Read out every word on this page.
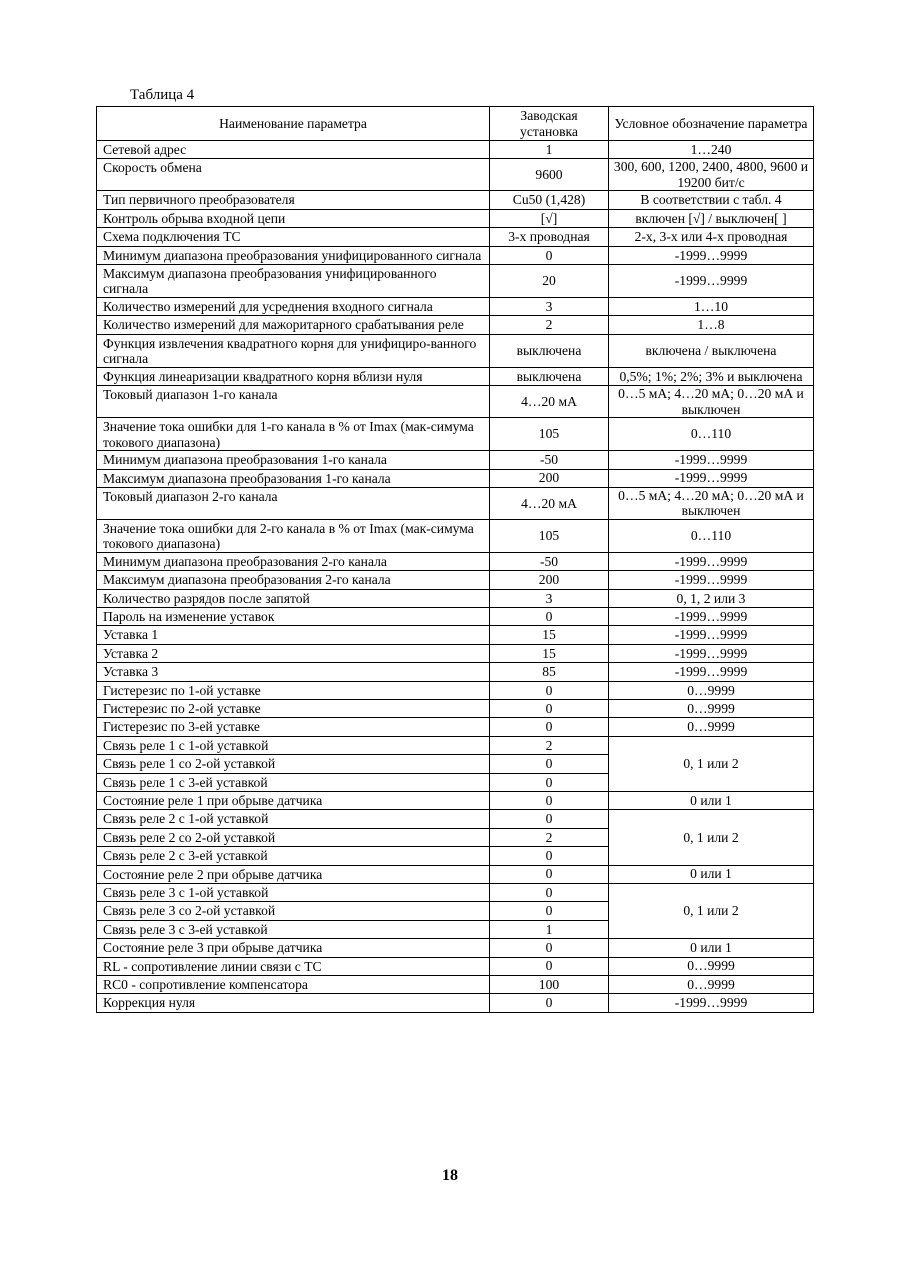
Таблица 4
Наименование параметра	Заводская установка	Условное обозначение параметра
Сетевой адрес	1	1…240
Скорость обмена	9600	300, 600, 1200, 2400, 4800, 9600 и 19200 бит/с
Тип первичного преобразователя	Cu50 (1,428)	В соответствии с табл. 4
Контроль обрыва входной цепи	[√]	включен [√] / выключен[ ]
Схема подключения ТС	3-х проводная	2-х, 3-х или 4-х проводная
Минимум диапазона преобразования унифицированного сигнала	0	-1999…9999
Максимум диапазона преобразования унифицированного сигнала	20	-1999…9999
Количество измерений для усреднения входного сигнала	3	1…10
Количество измерений для мажоритарного срабатывания реле	2	1…8
Функция извлечения квадратного корня для унифициро-ванного сигнала	выключена	включена / выключена
Функция линеаризации квадратного корня вблизи нуля	выключена	0,5%; 1%; 2%; 3% и выключена
Токовый диапазон 1-го канала	4…20 мА	0…5 мА; 4…20 мА; 0…20 мА и выключен
Значение тока ошибки для 1-го канала в % от Imax (мак-симума токового диапазона)	105	0…110
Минимум диапазона преобразования 1-го канала	-50	-1999…9999
Максимум диапазона преобразования 1-го канала	200	-1999…9999
Токовый диапазон 2-го канала	4…20 мА	0…5 мА; 4…20 мА; 0…20 мА и выключен
Значение тока ошибки для 2-го канала в % от Imax (мак-симума токового диапазона)	105	0…110
Минимум диапазона преобразования 2-го канала	-50	-1999…9999
Максимум диапазона преобразования 2-го канала	200	-1999…9999
Количество разрядов после запятой	3	0, 1, 2 или 3
Пароль на изменение уставок	0	-1999…9999
Уставка 1	15	-1999…9999
Уставка 2	15	-1999…9999
Уставка 3	85	-1999…9999
Гистерезис по 1-ой уставке	0	0…9999
Гистерезис по 2-ой уставке	0	0…9999
Гистерезис по 3-ей уставке	0	0…9999
Связь реле 1 с 1-ой уставкой	2	0, 1 или 2
Связь реле 1 со 2-ой уставкой	0	
Связь реле 1 с 3-ей уставкой	0	
Состояние реле 1 при обрыве датчика	0	0 или 1
Связь реле 2 с 1-ой уставкой	0	0, 1 или 2
Связь реле 2 со 2-ой уставкой	2	
Связь реле 2 с 3-ей уставкой	0	
Состояние реле 2 при обрыве датчика	0	0 или 1
Связь реле 3 с 1-ой уставкой	0	0, 1 или 2
Связь реле 3 со 2-ой уставкой	0	
Связь реле 3 с 3-ей уставкой	1	
Состояние реле 3 при обрыве датчика	0	0 или 1
RL - сопротивление линии связи с ТС	0	0…9999
RC0 - сопротивление компенсатора	100	0…9999
Коррекция нуля	0	-1999…9999
18
